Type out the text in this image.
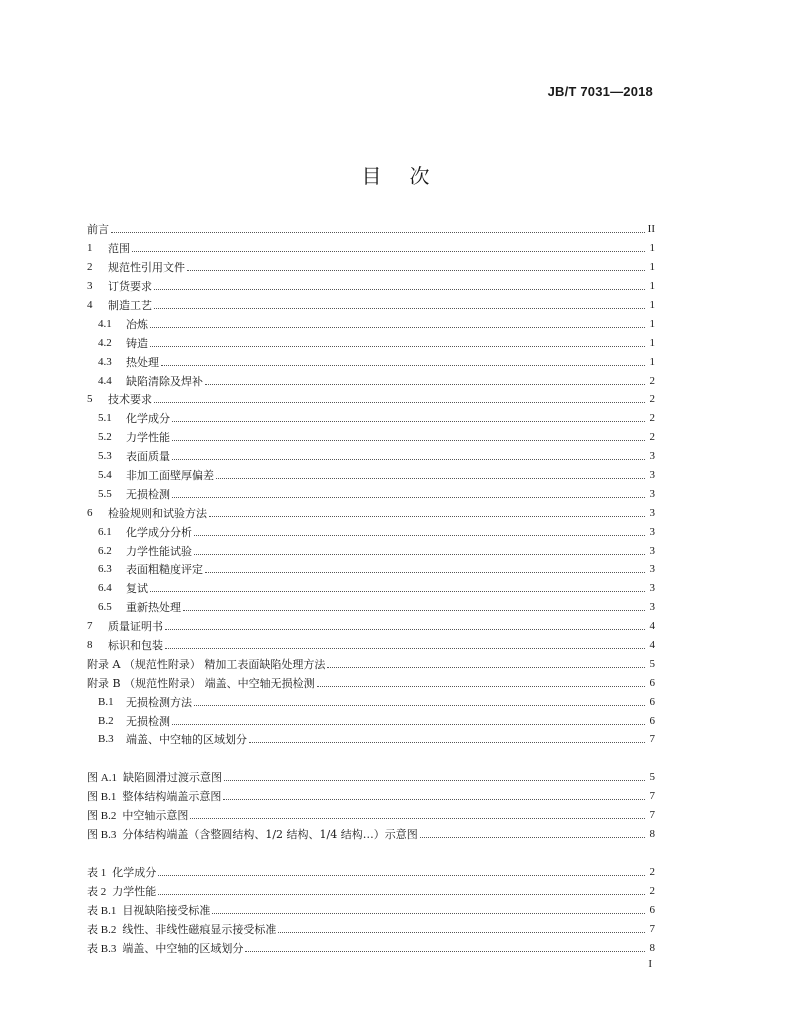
JB/T 7031—2018
目次
前言	II
1	范围	1
2	规范性引用文件	1
3	订货要求	1
4	制造工艺	1
4.1	冶炼	1
4.2	铸造	1
4.3	热处理	1
4.4	缺陷清除及焊补	2
5	技术要求	2
5.1	化学成分	2
5.2	力学性能	2
5.3	表面质量	3
5.4	非加工面壁厚偏差	3
5.5	无损检测	3
6	检验规则和试验方法	3
6.1	化学成分分析	3
6.2	力学性能试验	3
6.3	表面粗糙度评定	3
6.4	复试	3
6.5	重新热处理	3
7	质量证明书	4
8	标识和包装	4
附录 A （规范性附录） 精加工表面缺陷处理方法	5
附录 B （规范性附录） 端盖、中空轴无损检测	6
B.1	无损检测方法	6
B.2	无损检测	6
B.3	端盖、中空轴的区域划分	7
图 A.1 缺陷圆滑过渡示意图	5
图 B.1 整体结构端盖示意图	7
图 B.2 中空轴示意图	7
图 B.3 分体结构端盖（含整圆结构、1/2 结构、1/4 结构…）示意图	8
表 1 化学成分	2
表 2 力学性能	2
表 B.1 目视缺陷接受标准	6
表 B.2 线性、非线性磁痕显示接受标准	7
表 B.3 端盖、中空轴的区域划分	8
I
